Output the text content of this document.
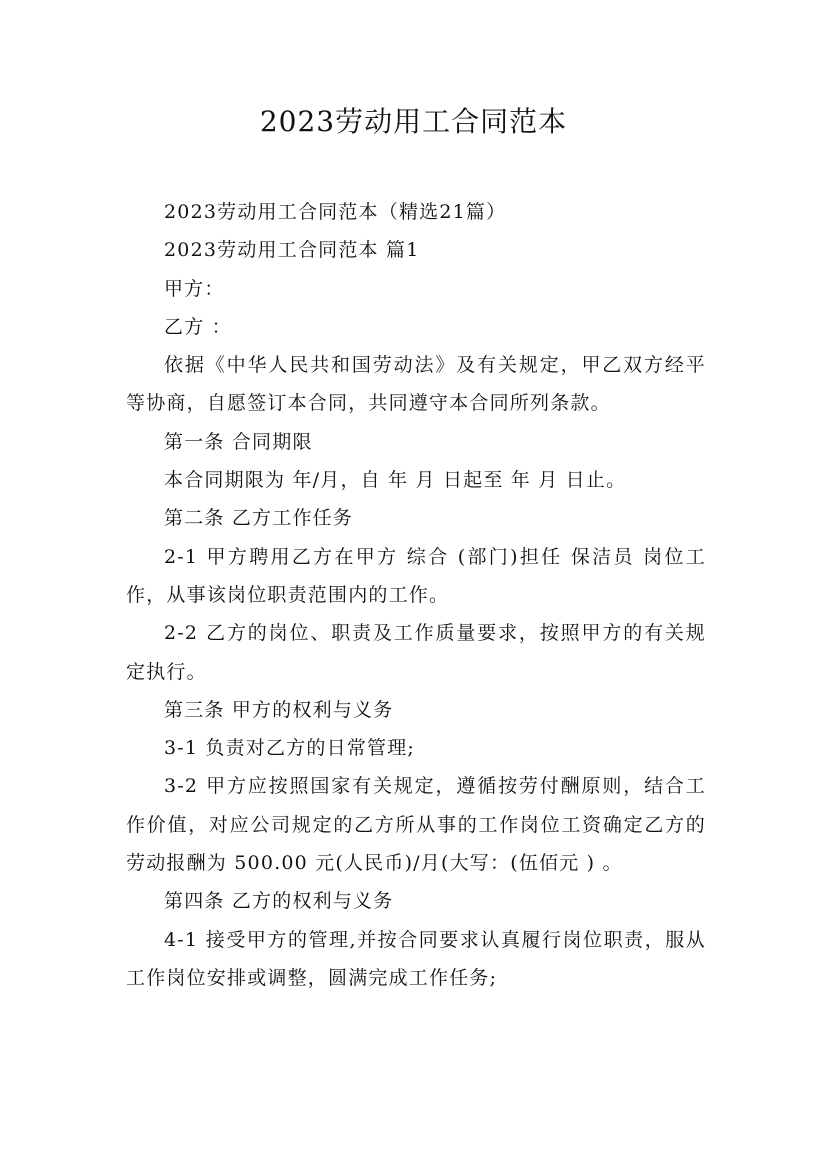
2023劳动用工合同范本

2023劳动用工合同范本（精选21篇）

2023劳动用工合同范本 篇1

甲方：

乙方 ：

依据《中华人民共和国劳动法》及有关规定，甲乙双方经平等协商，自愿签订本合同，共同遵守本合同所列条款。

第一条 合同期限

本合同期限为 年/月，自 年 月 日起至 年 月 日止。

第二条 乙方工作任务

2-1 甲方聘用乙方在甲方 综合 (部门)担任 保洁员 岗位工作，从事该岗位职责范围内的工作。

2-2 乙方的岗位、职责及工作质量要求，按照甲方的有关规定执行。

第三条 甲方的权利与义务

3-1 负责对乙方的日常管理;

3-2 甲方应按照国家有关规定，遵循按劳付酬原则，结合工作价值，对应公司规定的乙方所从事的工作岗位工资确定乙方的劳动报酬为 500.00 元(人民币)/月(大写：(伍佰元 ) 。

第四条 乙方的权利与义务

4-1 接受甲方的管理,并按合同要求认真履行岗位职责，服从工作岗位安排或调整，圆满完成工作任务;
